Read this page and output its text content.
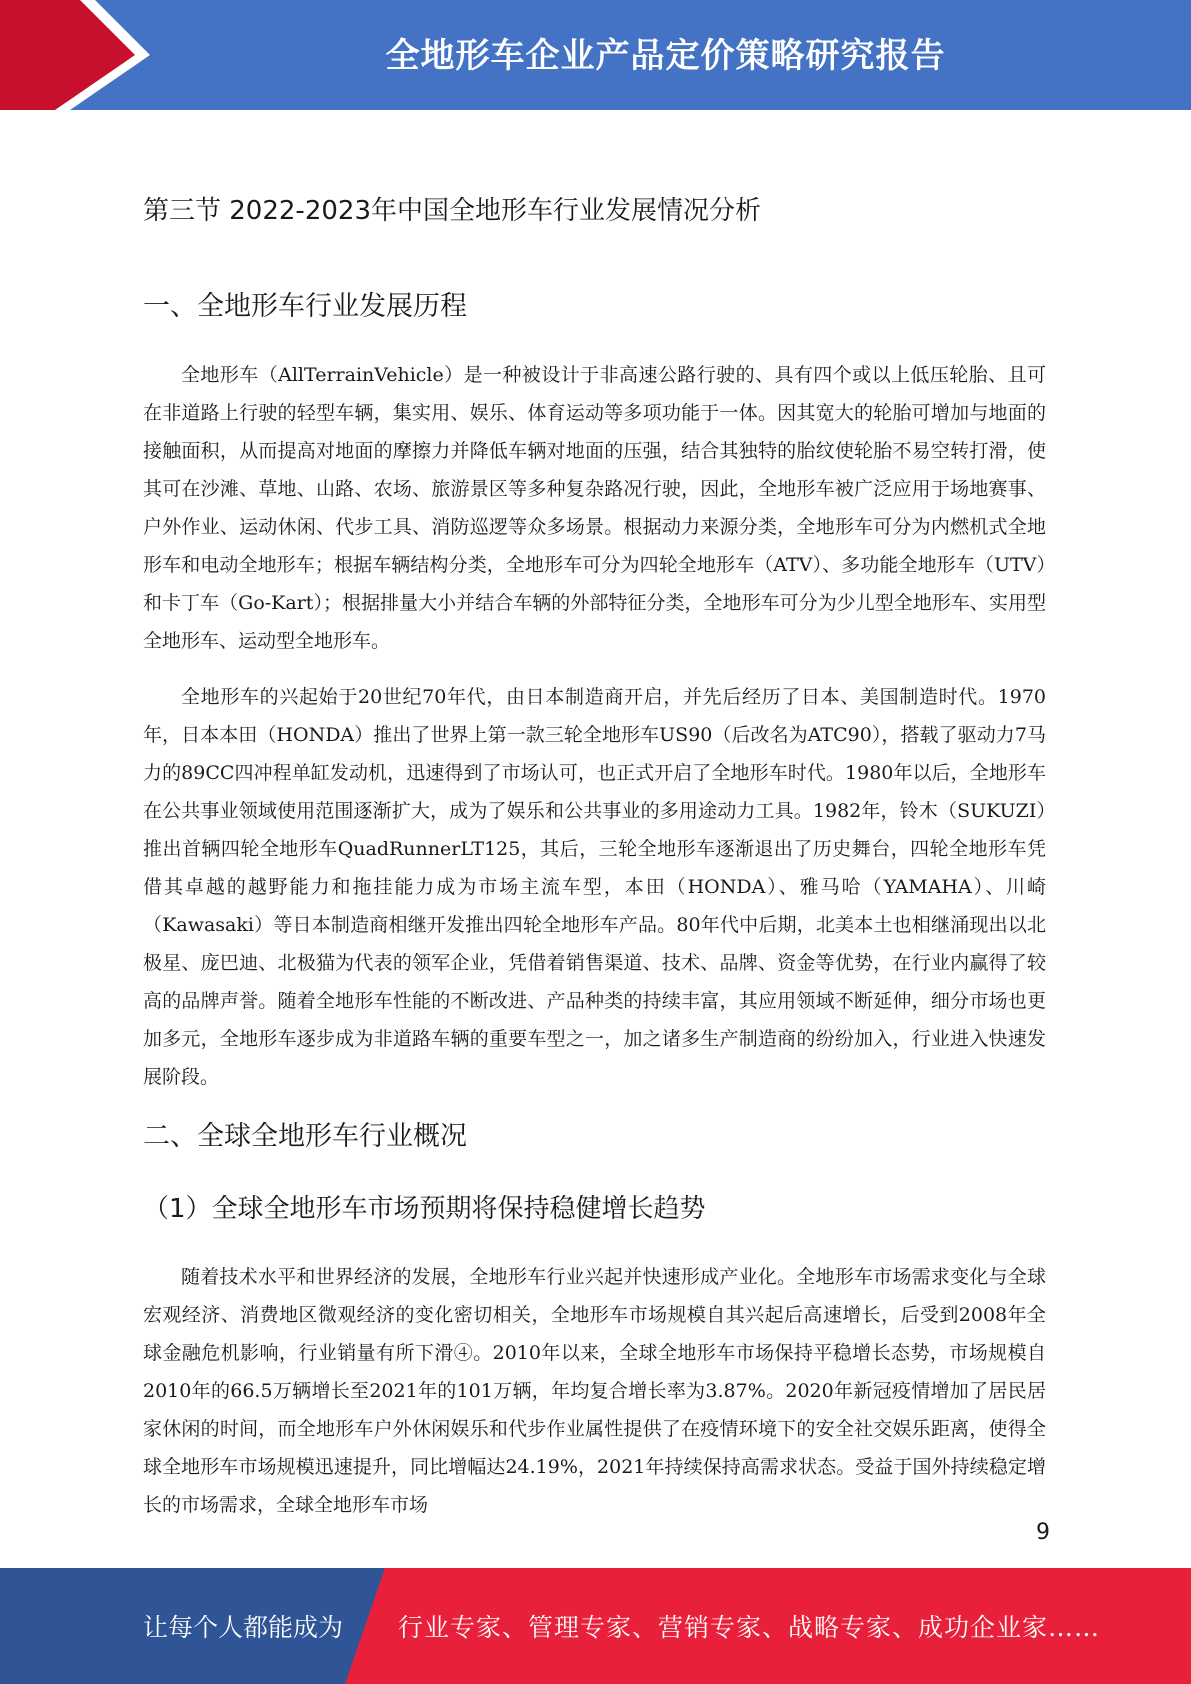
全地形车企业产品定价策略研究报告
第三节 2022-2023年中国全地形车行业发展情况分析
一、全地形车行业发展历程

全地形车（AllTerrainVehicle）是一种被设计于非高速公路行驶的、具有四个或以上低压轮胎、且可在非道路上行驶的轻型车辆，集实用、娱乐、体育运动等多项功能于一体。因其宽大的轮胎可增加与地面的接触面积，从而提高对地面的摩擦力并降低车辆对地面的压强，结合其独特的胎纹使轮胎不易空转打滑，使其可在沙滩、草地、山路、农场、旅游景区等多种复杂路况行驶，因此，全地形车被广泛应用于场地赛事、户外作业、运动休闲、代步工具、消防巡逻等众多场景。根据动力来源分类，全地形车可分为内燃机式全地形车和电动全地形车；根据车辆结构分类，全地形车可分为四轮全地形车（ATV）、多功能全地形车（UTV）和卡丁车（Go-Kart）；根据排量大小并结合车辆的外部特征分类，全地形车可分为少儿型全地形车、实用型全地形车、运动型全地形车。

全地形车的兴起始于20世纪70年代，由日本制造商开启，并先后经历了日本、美国制造时代。1970年，日本本田（HONDA）推出了世界上第一款三轮全地形车US90（后改名为ATC90），搭载了驱动力7马力的89CC四冲程单缸发动机，迅速得到了市场认可，也正式开启了全地形车时代。1980年以后，全地形车在公共事业领域使用范围逐渐扩大，成为了娱乐和公共事业的多用途动力工具。1982年，铃木（SUKUZI）推出首辆四轮全地形车QuadRunnerLT125，其后，三轮全地形车逐渐退出了历史舞台，四轮全地形车凭借其卓越的越野能力和拖挂能力成为市场主流车型，本田（HONDA）、雅马哈（YAMAHA）、川崎（Kawasaki）等日本制造商相继开发推出四轮全地形车产品。80年代中后期，北美本土也相继涌现出以北极星、庞巴迪、北极猫为代表的领军企业，凭借着销售渠道、技术、品牌、资金等优势，在行业内赢得了较高的品牌声誉。随着全地形车性能的不断改进、产品种类的持续丰富，其应用领域不断延伸，细分市场也更加多元，全地形车逐步成为非道路车辆的重要车型之一，加之诸多生产制造商的纷纷加入，行业进入快速发展阶段。

二、全球全地形车行业概况
（1）全球全地形车市场预期将保持稳健增长趋势

随着技术水平和世界经济的发展，全地形车行业兴起并快速形成产业化。全地形车市场需求变化与全球宏观经济、消费地区微观经济的变化密切相关，全地形车市场规模自其兴起后高速增长，后受到2008年全球金融危机影响，行业销量有所下滑④。2010年以来，全球全地形车市场保持平稳增长态势，市场规模自2010年的66.5万辆增长至2021年的101万辆，年均复合增长率为3.87%。2020年新冠疫情增加了居民居家休闲的时间，而全地形车户外休闲娱乐和代步作业属性提供了在疫情环境下的安全社交娱乐距离，使得全球全地形车市场规模迅速提升，同比增幅达24.19%，2021年持续保持高需求状态。受益于国外持续稳定增长的市场需求，全球全地形车市场

9
让每个人都能成为 行业专家、管理专家、营销专家、战略专家、成功企业家……
